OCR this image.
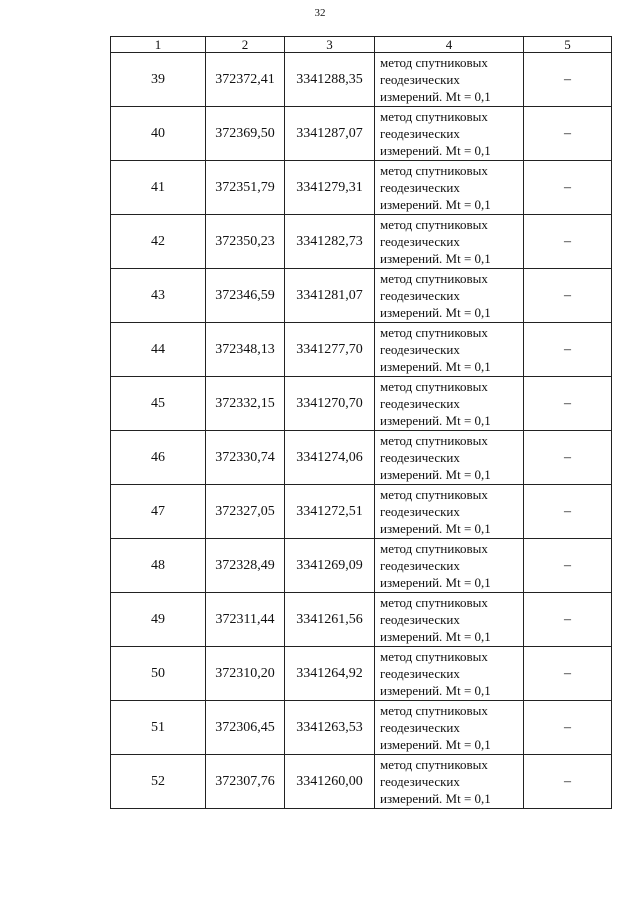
32
1	2	3	4	5
39	372372,41	3341288,35	метод спутниковых
геодезических
измерений. Mt = 0,1	–
40	372369,50	3341287,07	метод спутниковых
геодезических
измерений. Mt = 0,1	–
41	372351,79	3341279,31	метод спутниковых
геодезических
измерений. Mt = 0,1	–
42	372350,23	3341282,73	метод спутниковых
геодезических
измерений. Mt = 0,1	–
43	372346,59	3341281,07	метод спутниковых
геодезических
измерений. Mt = 0,1	–
44	372348,13	3341277,70	метод спутниковых
геодезических
измерений. Mt = 0,1	–
45	372332,15	3341270,70	метод спутниковых
геодезических
измерений. Mt = 0,1	–
46	372330,74	3341274,06	метод спутниковых
геодезических
измерений. Mt = 0,1	–
47	372327,05	3341272,51	метод спутниковых
геодезических
измерений. Mt = 0,1	–
48	372328,49	3341269,09	метод спутниковых
геодезических
измерений. Mt = 0,1	–
49	372311,44	3341261,56	метод спутниковых
геодезических
измерений. Mt = 0,1	–
50	372310,20	3341264,92	метод спутниковых
геодезических
измерений. Mt = 0,1	–
51	372306,45	3341263,53	метод спутниковых
геодезических
измерений. Mt = 0,1	–
52	372307,76	3341260,00	метод спутниковых
геодезических
измерений. Mt = 0,1	–
